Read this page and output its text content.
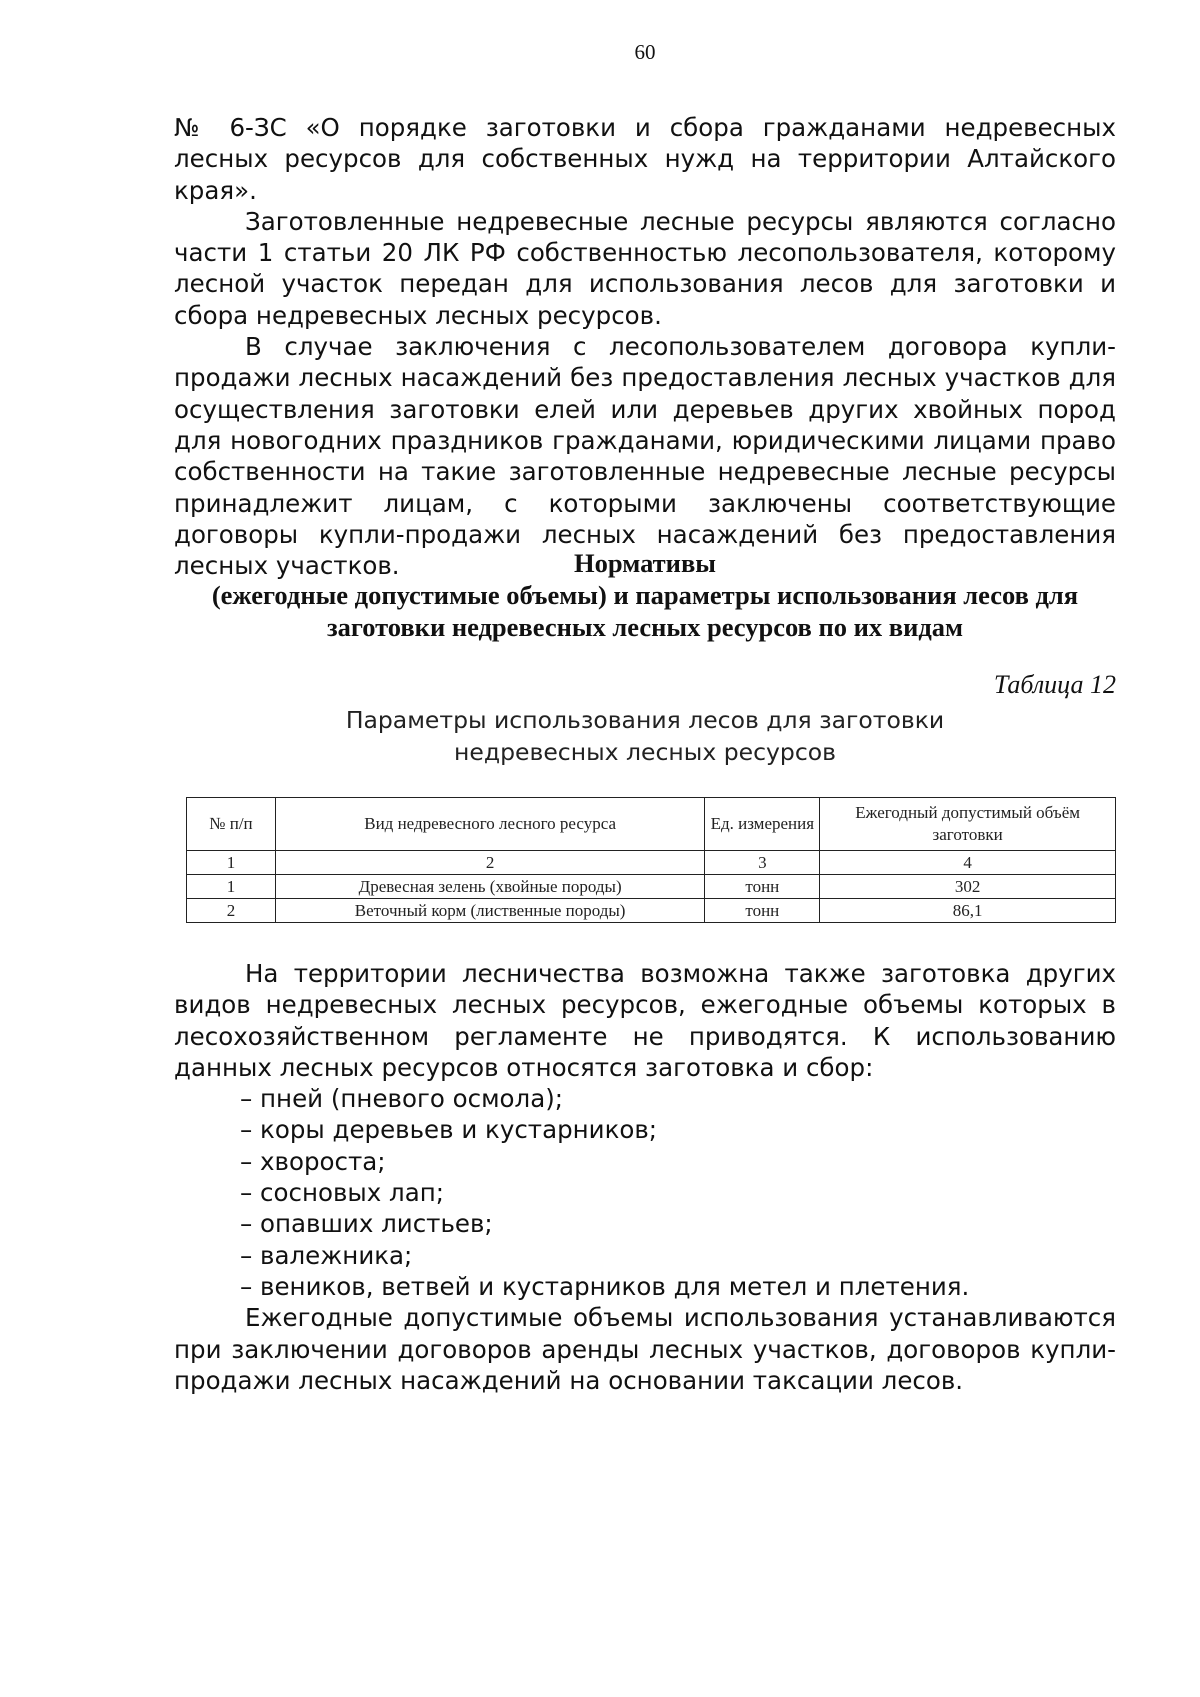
60

№ 6-ЗС «О порядке заготовки и сбора гражданами недревесных лесных ресурсов для собственных нужд на территории Алтайского края».

Заготовленные недревесные лесные ресурсы являются согласно части 1 статьи 20 ЛК РФ собственностью лесопользователя, которому лесной участок передан для использования лесов для заготовки и сбора недревесных лесных ресурсов.

В случае заключения с лесопользователем договора купли-продажи лесных насаждений без предоставления лесных участков для осуществления заготовки елей или деревьев других хвойных пород для новогодних праздников гражданами, юридическими лицами право собственности на такие заготовленные недревесные лесные ресурсы принадлежит лицам, с которыми заключены соответствующие договоры купли-продажи лесных насаждений без предоставления лесных участков.	Нормативы
(ежегодные допустимые объемы) и параметры использования лесов для
заготовки недревесных лесных ресурсов по их видам
Таблица 12
Параметры использования лесов для заготовки
недревесных лесных ресурсов
№ п/п	Вид недревесного лесного ресурса	Ед. измерения	Ежегодный допустимый объём заготовки
1	2	3	4
1	Древесная зелень (хвойные породы)	тонн	302
2	Веточный корм (лиственные породы)	тонн	86,1

На территории лесничества возможна также заготовка других видов недревесных лесных ресурсов, ежегодные объемы которых в лесохозяйственном регламенте не приводятся. К использованию данных лесных ресурсов относятся заготовка и сбор:

– пней (пневого осмола);

– коры деревьев и кустарников;

– хвороста;

– сосновых лап;

– опавших листьев;

– валежника;

– веников, ветвей и кустарников для метел и плетения.

Ежегодные допустимые объемы использования устанавливаются при заключении договоров аренды лесных участков, договоров купли-продажи лесных насаждений на основании таксации лесов.
